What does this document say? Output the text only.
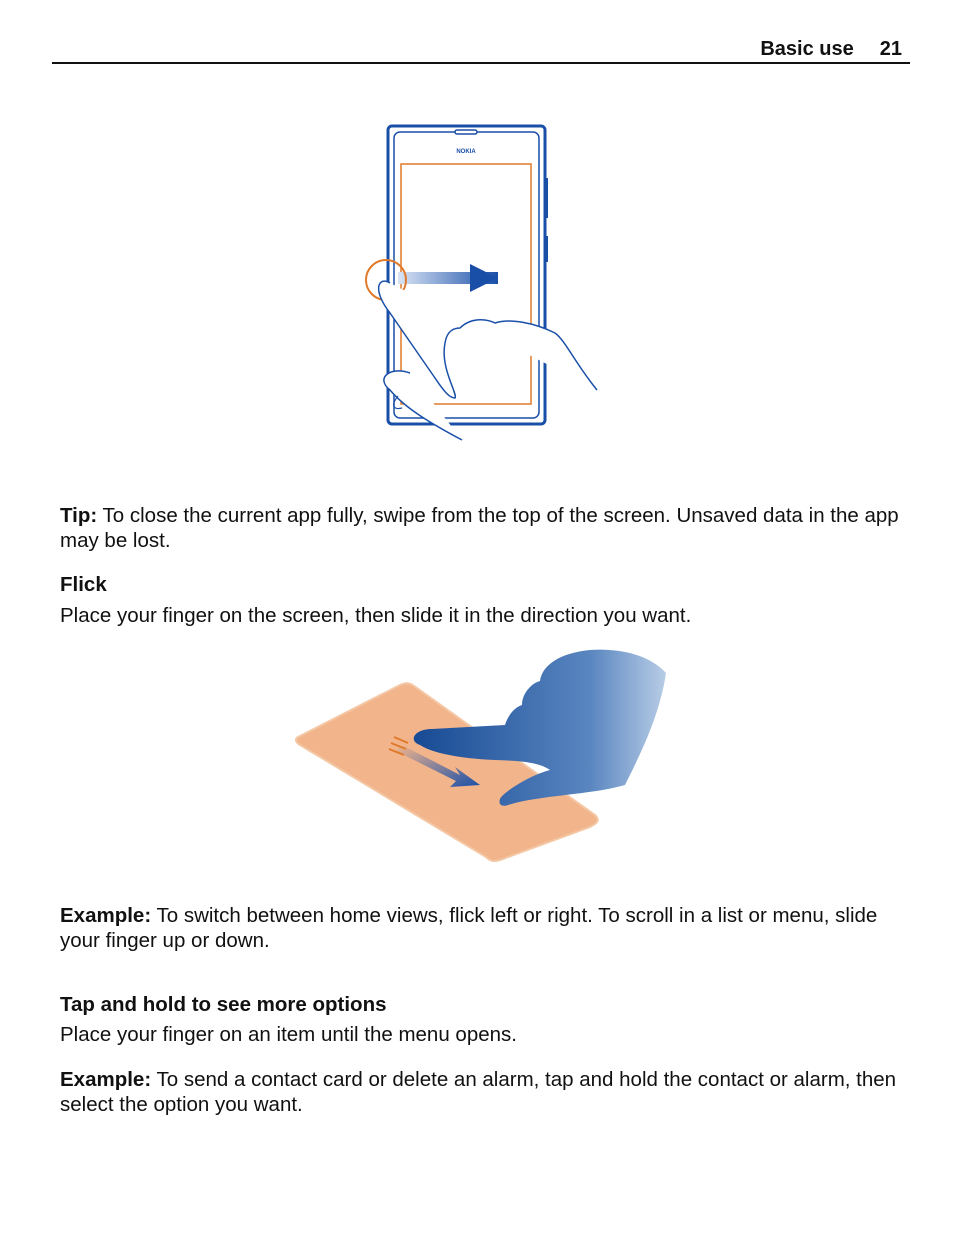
Basic use 21
NOKIA

Tip: To close the current app fully, swipe from the top of the screen. Unsaved data in the app may be lost.

Flick

Place your finger on the screen, then slide it in the direction you want.

Example: To switch between home views, flick left or right. To scroll in a list or menu, slide your finger up or down.

Tap and hold to see more options

Place your finger on an item until the menu opens.

Example: To send a contact card or delete an alarm, tap and hold the contact or alarm, then select the option you want.
